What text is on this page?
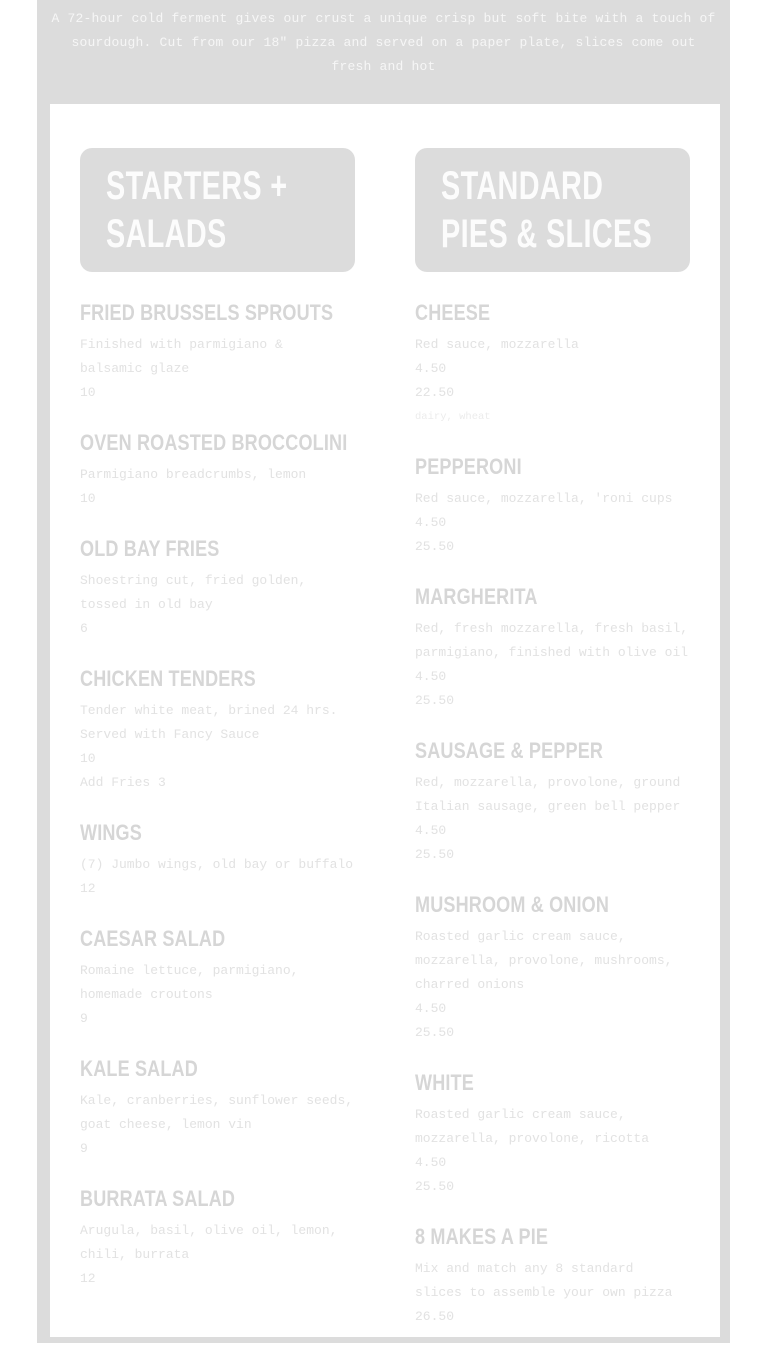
A 72-hour cold ferment gives our crust a unique crisp but soft bite with a touch of
sourdough. Cut from our 18" pizza and served on a paper plate, slices come out
fresh and hot
STARTERS +
SALADS
FRIED BRUSSELS SPROUTS
Finished with parmigiano &
balsamic glaze
10
OVEN ROASTED BROCCOLINI
Parmigiano breadcrumbs, lemon
10
OLD BAY FRIES
Shoestring cut, fried golden,
tossed in old bay
6
CHICKEN TENDERS
Tender white meat, brined 24 hrs.
Served with Fancy Sauce
10
Add Fries 3
WINGS
(7) Jumbo wings, old bay or buffalo
12
CAESAR SALAD
Romaine lettuce, parmigiano,
homemade croutons
9
KALE SALAD
Kale, cranberries, sunflower seeds,
goat cheese, lemon vin
9
BURRATA SALAD
Arugula, basil, olive oil, lemon,
chili, burrata
12
STANDARD
PIES & SLICES
CHEESE
Red sauce, mozzarella
4.50
22.50
dairy, wheat
PEPPERONI
Red sauce, mozzarella, 'roni cups
4.50
25.50
MARGHERITA
Red, fresh mozzarella, fresh basil,
parmigiano, finished with olive oil
4.50
25.50
SAUSAGE & PEPPER
Red, mozzarella, provolone, ground
Italian sausage, green bell pepper
4.50
25.50
MUSHROOM & ONION
Roasted garlic cream sauce,
mozzarella, provolone, mushrooms,
charred onions
4.50
25.50
WHITE
Roasted garlic cream sauce,
mozzarella, provolone, ricotta
4.50
25.50
8 MAKES A PIE
Mix and match any 8 standard
slices to assemble your own pizza
26.50
